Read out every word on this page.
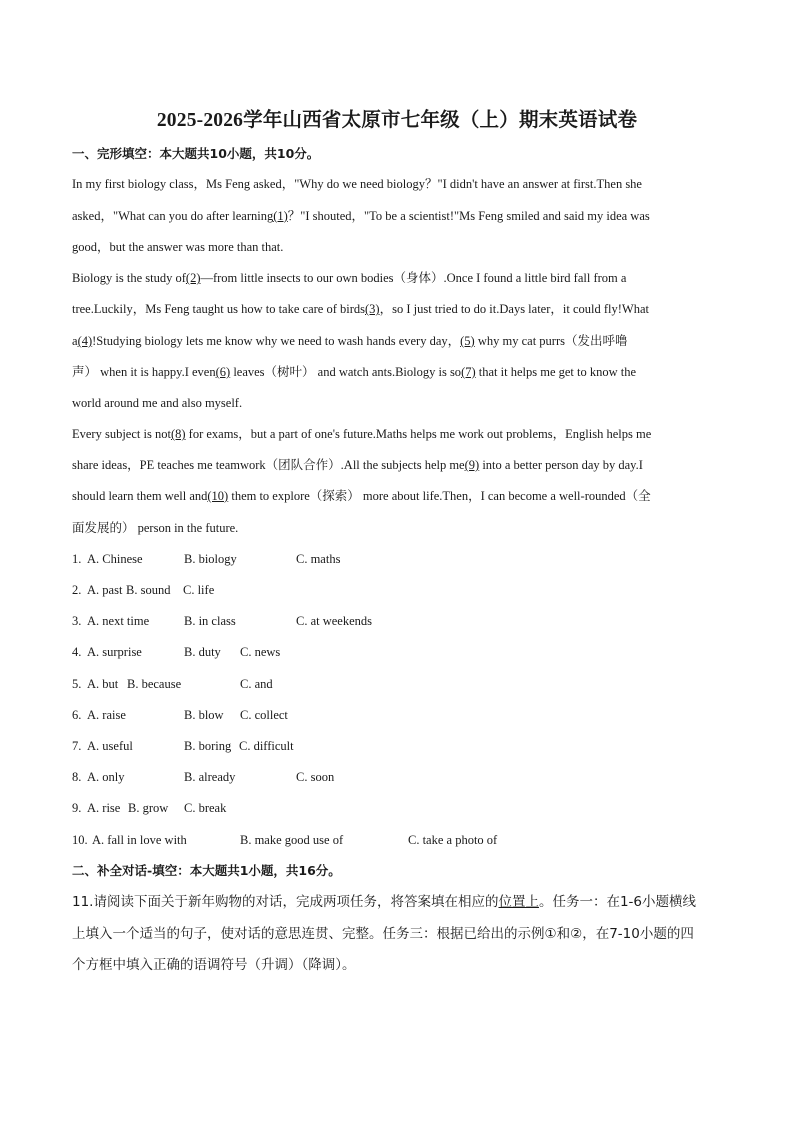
2025-2026学年山西省太原市七年级（上）期末英语试卷
一、完形填空：本大题共10小题，共10分。
In my first biology class，Ms Feng asked，"Why do we need biology？"I didn't have an answer at first.Then she
asked，"What can you do after learning(1)？"I shouted，"To be a scientist!"Ms Feng smiled and said my idea was
good，but the answer was more than that.
Biology is the study of(2)—from little insects to our own bodies（身体）.Once I found a little bird fall from a
tree.Luckily，Ms Feng taught us how to take care of birds(3)，so I just tried to do it.Days later，it could fly!What
a(4)!Studying biology lets me know why we need to wash hands every day，(5) why my cat purrs（发出呼噜
声） when it is happy.I even(6) leaves（树叶） and watch ants.Biology is so(7) that it helps me get to know the
world around me and also myself.
Every subject is not(8) for exams，but a part of one's future.Maths helps me work out problems，English helps me
share ideas，PE teaches me teamwork（团队合作）.All the subjects help me(9) into a better person day by day.I
should learn them well and(10) them to explore（探索） more about life.Then，I can become a well-rounded（全
面发展的） person in the future.
1. A. Chinese	B. biology	C. maths
2. A. past B. sound C. life
3. A. next time	B. in class	C. at weekends
4. A. surprise	B. duty C. news
5. A. but B. because	C. and
6. A. raise	B. blow C. collect
7. A. useful	B. boring C. difficult
8. A. only	B. already	C. soon
9. A. rise B. grow C. break
10. A. fall in love with	B. make good use of	C. take a photo of
二、补全对话-填空：本大题共1小题，共16分。
11.请阅读下面关于新年购物的对话，完成两项任务，将答案填在相应的位置上。任务一：在1-6小题横线
上填入一个适当的句子，使对话的意思连贯、完整。任务三：根据已给出的示例①和②，在7-10小题的四
个方框中填入正确的语调符号（升调）（降调）。
